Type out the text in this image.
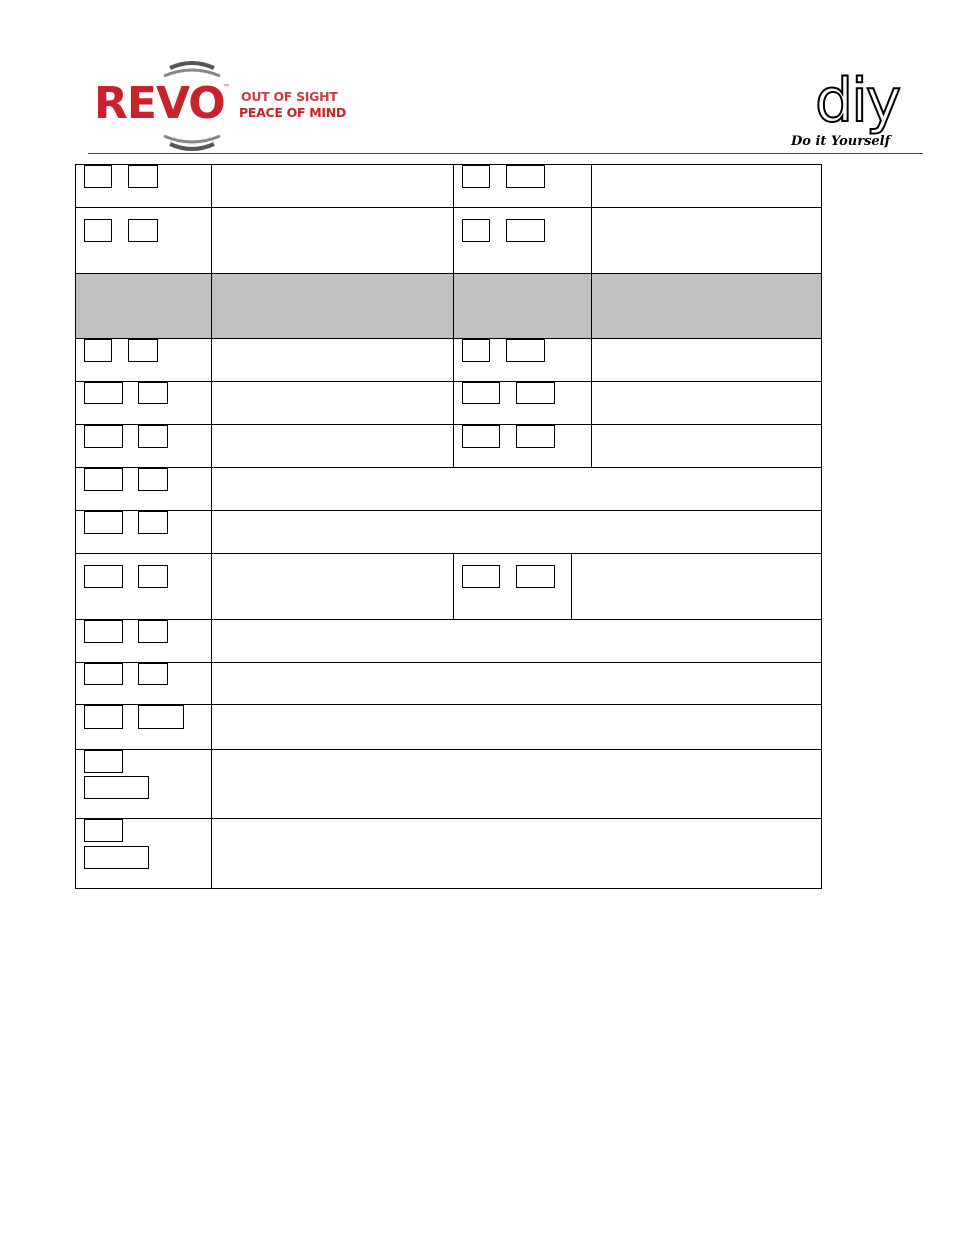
REVO
™
OUT OF SIGHT
PEACE OF MIND	diy
Do it Yourself
